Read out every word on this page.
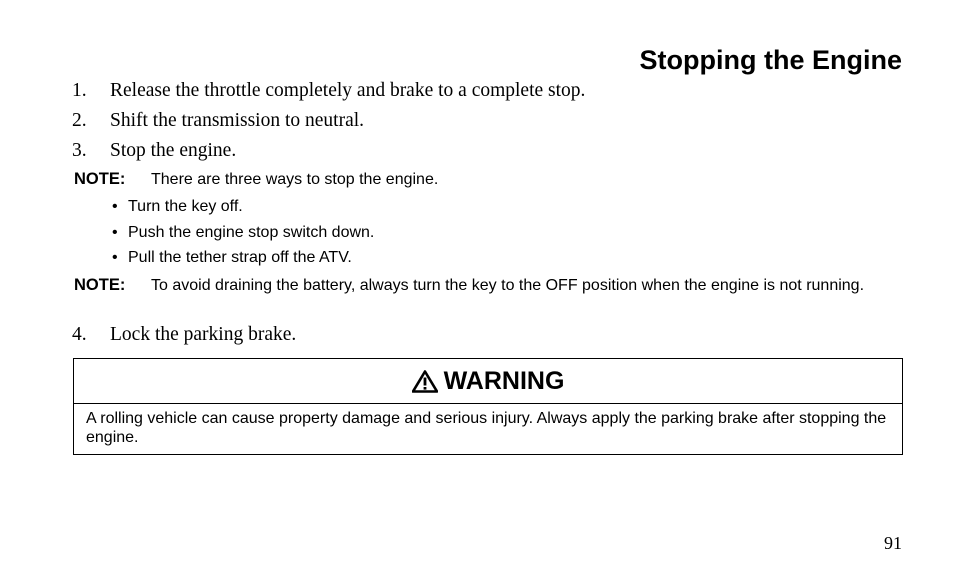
Stopping the Engine
1. Release the throttle completely and brake to a complete stop.
2. Shift the transmission to neutral.
3. Stop the engine.
NOTE: There are three ways to stop the engine.
• Turn the key off.
• Push the engine stop switch down.
• Pull the tether strap off the ATV.
NOTE: To avoid draining the battery, always turn the key to the OFF position when the engine is not running.
4. Lock the parking brake.
WARNING
A rolling vehicle can cause property damage and serious injury. Always apply the parking brake after stopping the engine.
91
